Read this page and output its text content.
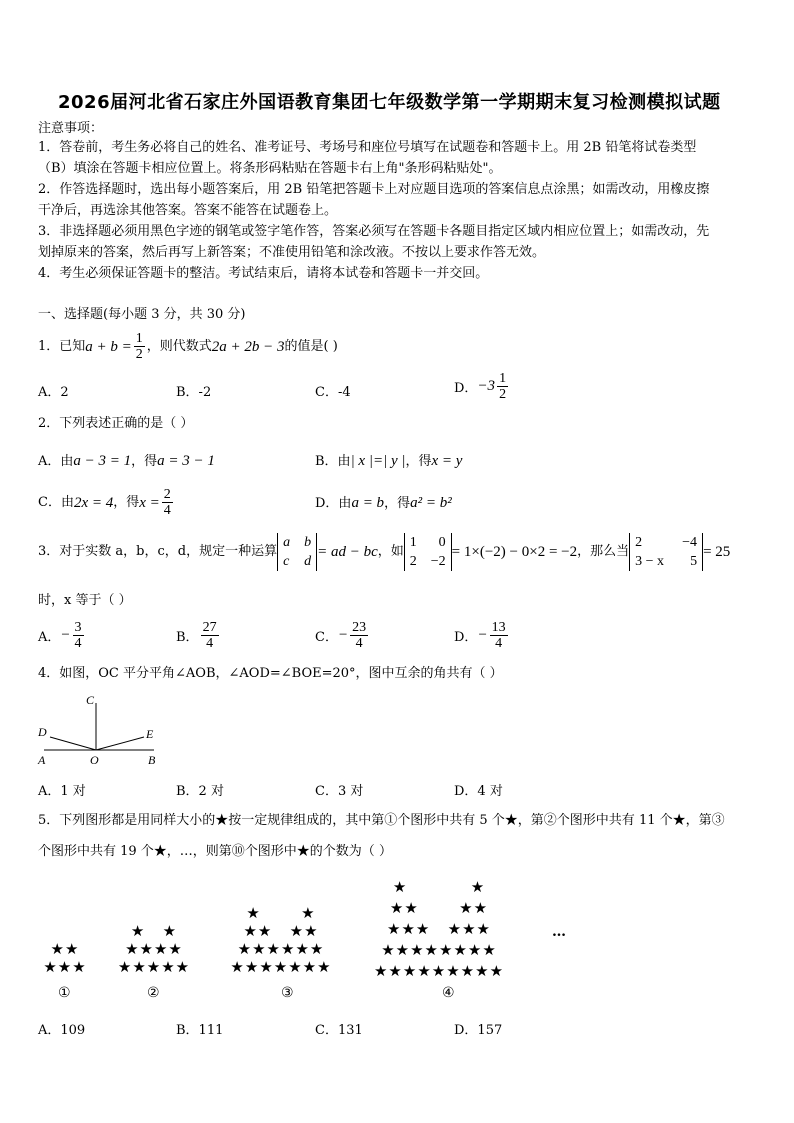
2026届河北省石家庄外国语教育集团七年级数学第一学期期末复习检测模拟试题
注意事项：
1．答卷前，考生务必将自己的姓名、准考证号、考场号和座位号填写在试题卷和答题卡上。用 2B 铅笔将试卷类型
（B）填涂在答题卡相应位置上。将条形码粘贴在答题卡右上角"条形码粘贴处"。
2．作答选择题时，选出每小题答案后，用 2B 铅笔把答题卡上对应题目选项的答案信息点涂黑；如需改动，用橡皮擦
干净后，再选涂其他答案。答案不能答在试题卷上。
3．非选择题必须用黑色字迹的钢笔或签字笔作答，答案必须写在答题卡各题目指定区域内相应位置上；如需改动，先
划掉原来的答案，然后再写上新答案；不准使用铅笔和涂改液。不按以上要求作答无效。
4．考生必须保证答题卡的整洁。考试结束后，请将本试卷和答题卡一并交回。
一、选择题(每小题 3 分，共 30 分)
1．已知 $a + b = \frac{1}{2}$ ，则代数式 2a + 2b − 3 的值是( )
A．2	B．-2	C．-4	D． $-3 \frac{1}{2}$
2．下列表述正确的是（ ）
A．由a − 3 = 1，得a = 3 − 1	B．由| x |=| y |，得x = y
C．由 2x = 4 ，得 $x = \frac{2}{4}$	D．由a = b，得a² = b²
3．对于实数 a，b，c，d，规定一种运算
a b
c d
= ad − bc ，如
1 0
2 −2
= 1×(−2) − 0×2 = −2 ，那么当
2	−4
3 − x 5
= 25
时，x 等于（ ）
A． − $\frac{3}{4}$	B． $\frac{27}{4}$	C． − $\frac{23}{4}$	D． − $\frac{13}{4}$
4．如图，OC 平分平角∠AOB，∠AOD=∠BOE=20°，图中互余的角共有（ ）
C
D	E
A	O	B
A．1 对	B．2 对	C．3 对	D．4 对
5．下列图形都是用同样大小的★按一定规律组成的，其中第①个图形中共有 5 个★，第②个图形中共有 11 个★，第③
个图形中共有 19 个★，…，则第⑩个图形中★的个数为（ ）
★★
★★★
①
★   ★
★★★★
★★★★★
②
★       ★
★★   ★★
★★★★★★
★★★★★★★
③
★           ★
★★       ★★
★★★   ★★★
★★★★★★★★
★★★★★★★★★
④
…
A．109	B．111	C．131	D．157
